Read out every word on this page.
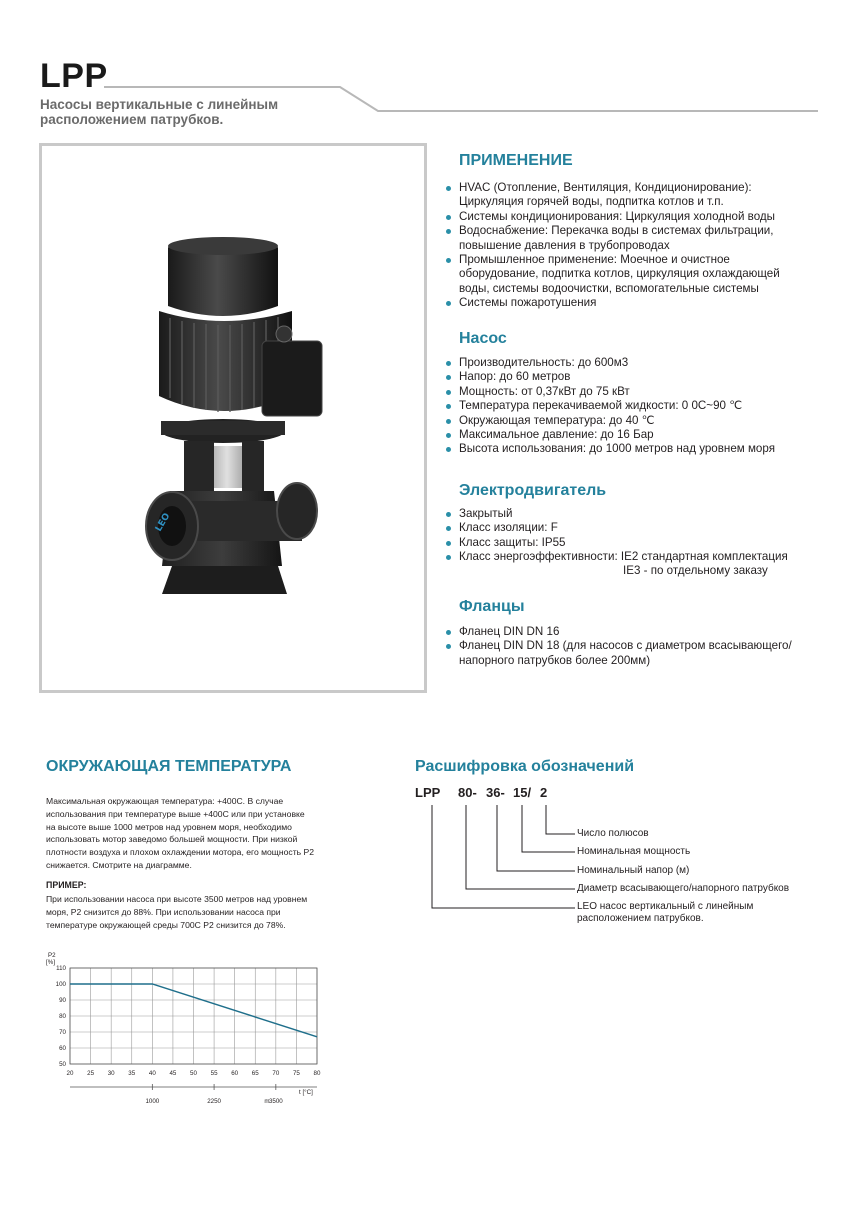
LPP
Насосы вертикальные с линейным
расположением патрубков.
LEO
ПРИМЕНЕНИЕ
HVAC (Отопление, Вентиляция, Кондиционирование):
Циркуляция горячей воды, подпитка котлов и т.п.
Системы кондиционирования: Циркуляция холодной воды
Водоснабжение: Перекачка воды в системах фильтрации,
повышение давления в трубопроводах
Промышленное применение: Моечное и очистное
оборудование, подпитка котлов, циркуляция охлаждающей
воды, системы водоочистки, вспомогательные системы
Системы пожаротушения
Насос
Производительность: до 600м3
Напор: до 60 метров
Мощность: от 0,37кВт до 75 кВт
Температура перекачиваемой жидкости: 0 0C~90 ℃
Окружающая температура: до 40 ℃
Максимальное давление: до 16 Бар
Высота использования: до 1000 метров над уровнем моря
Электродвигатель
Закрытый
Класс изоляции: F
Класс защиты: IP55
Класс энергоэффективности: IE2 стандартная комплектация
IE3 - по отдельному заказу
Фланцы
Фланец DIN DN 16
Фланец DIN DN 18 (для насосов с диаметром всасывающего/
напорного патрубков более 200мм)
ОКРУЖАЮЩАЯ ТЕМПЕРАТУРА
Максимальная окружающая температура: +400С. В случае
использования при температуре выше +400С или при установке
на высоте выше 1000 метров над уровнем моря, необходимо
использовать мотор заведомо большей мощности. При низкой
плотности воздуха и плохом охлаждении мотора, его мощность Р2
снижается. Смотрите на диаграмме.
ПРИМЕР:
При использовании насоса при высоте 3500 метров над уровнем
моря, Р2 снизится до 88%. При использовании насоса при
температуре окружающей среды 700С Р2 снизится до 78%.
50
60
70
80
90
100
110
20 25 30 35 40 45 50 55 60 65 70 75 80
1000	2250	3500
m
P2
[%]
t [°C]
Расшифровка обозначений
LPP 80- 36- 15/ 2
Число полюсов
Номинальная мощность
Номинальный напор (м)
Диаметр всасывающего/напорного патрубков
LEO насос вертикальный с линейным
расположением патрубков.
